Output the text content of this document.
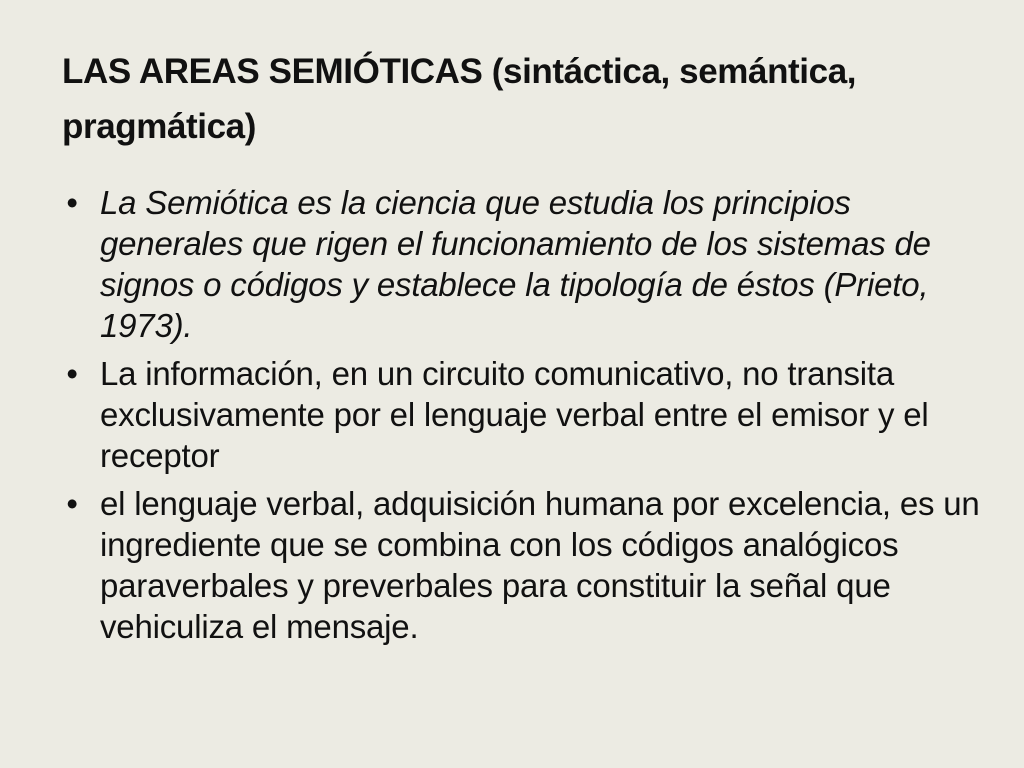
LAS AREAS SEMIÓTICAS (sintáctica, semántica, pragmática)
• La Semiótica es la ciencia que estudia los principios generales que rigen el funcionamiento de los sistemas de signos o códigos y establece la tipología de éstos (Prieto, 1973).
• La información, en un circuito comunicativo, no transita exclusivamente por el lenguaje verbal entre el emisor y el receptor
• el lenguaje verbal, adquisición humana por excelencia, es un ingrediente que se combina con los códigos analógicos paraverbales y preverbales para constituir la señal que vehiculiza el mensaje.
